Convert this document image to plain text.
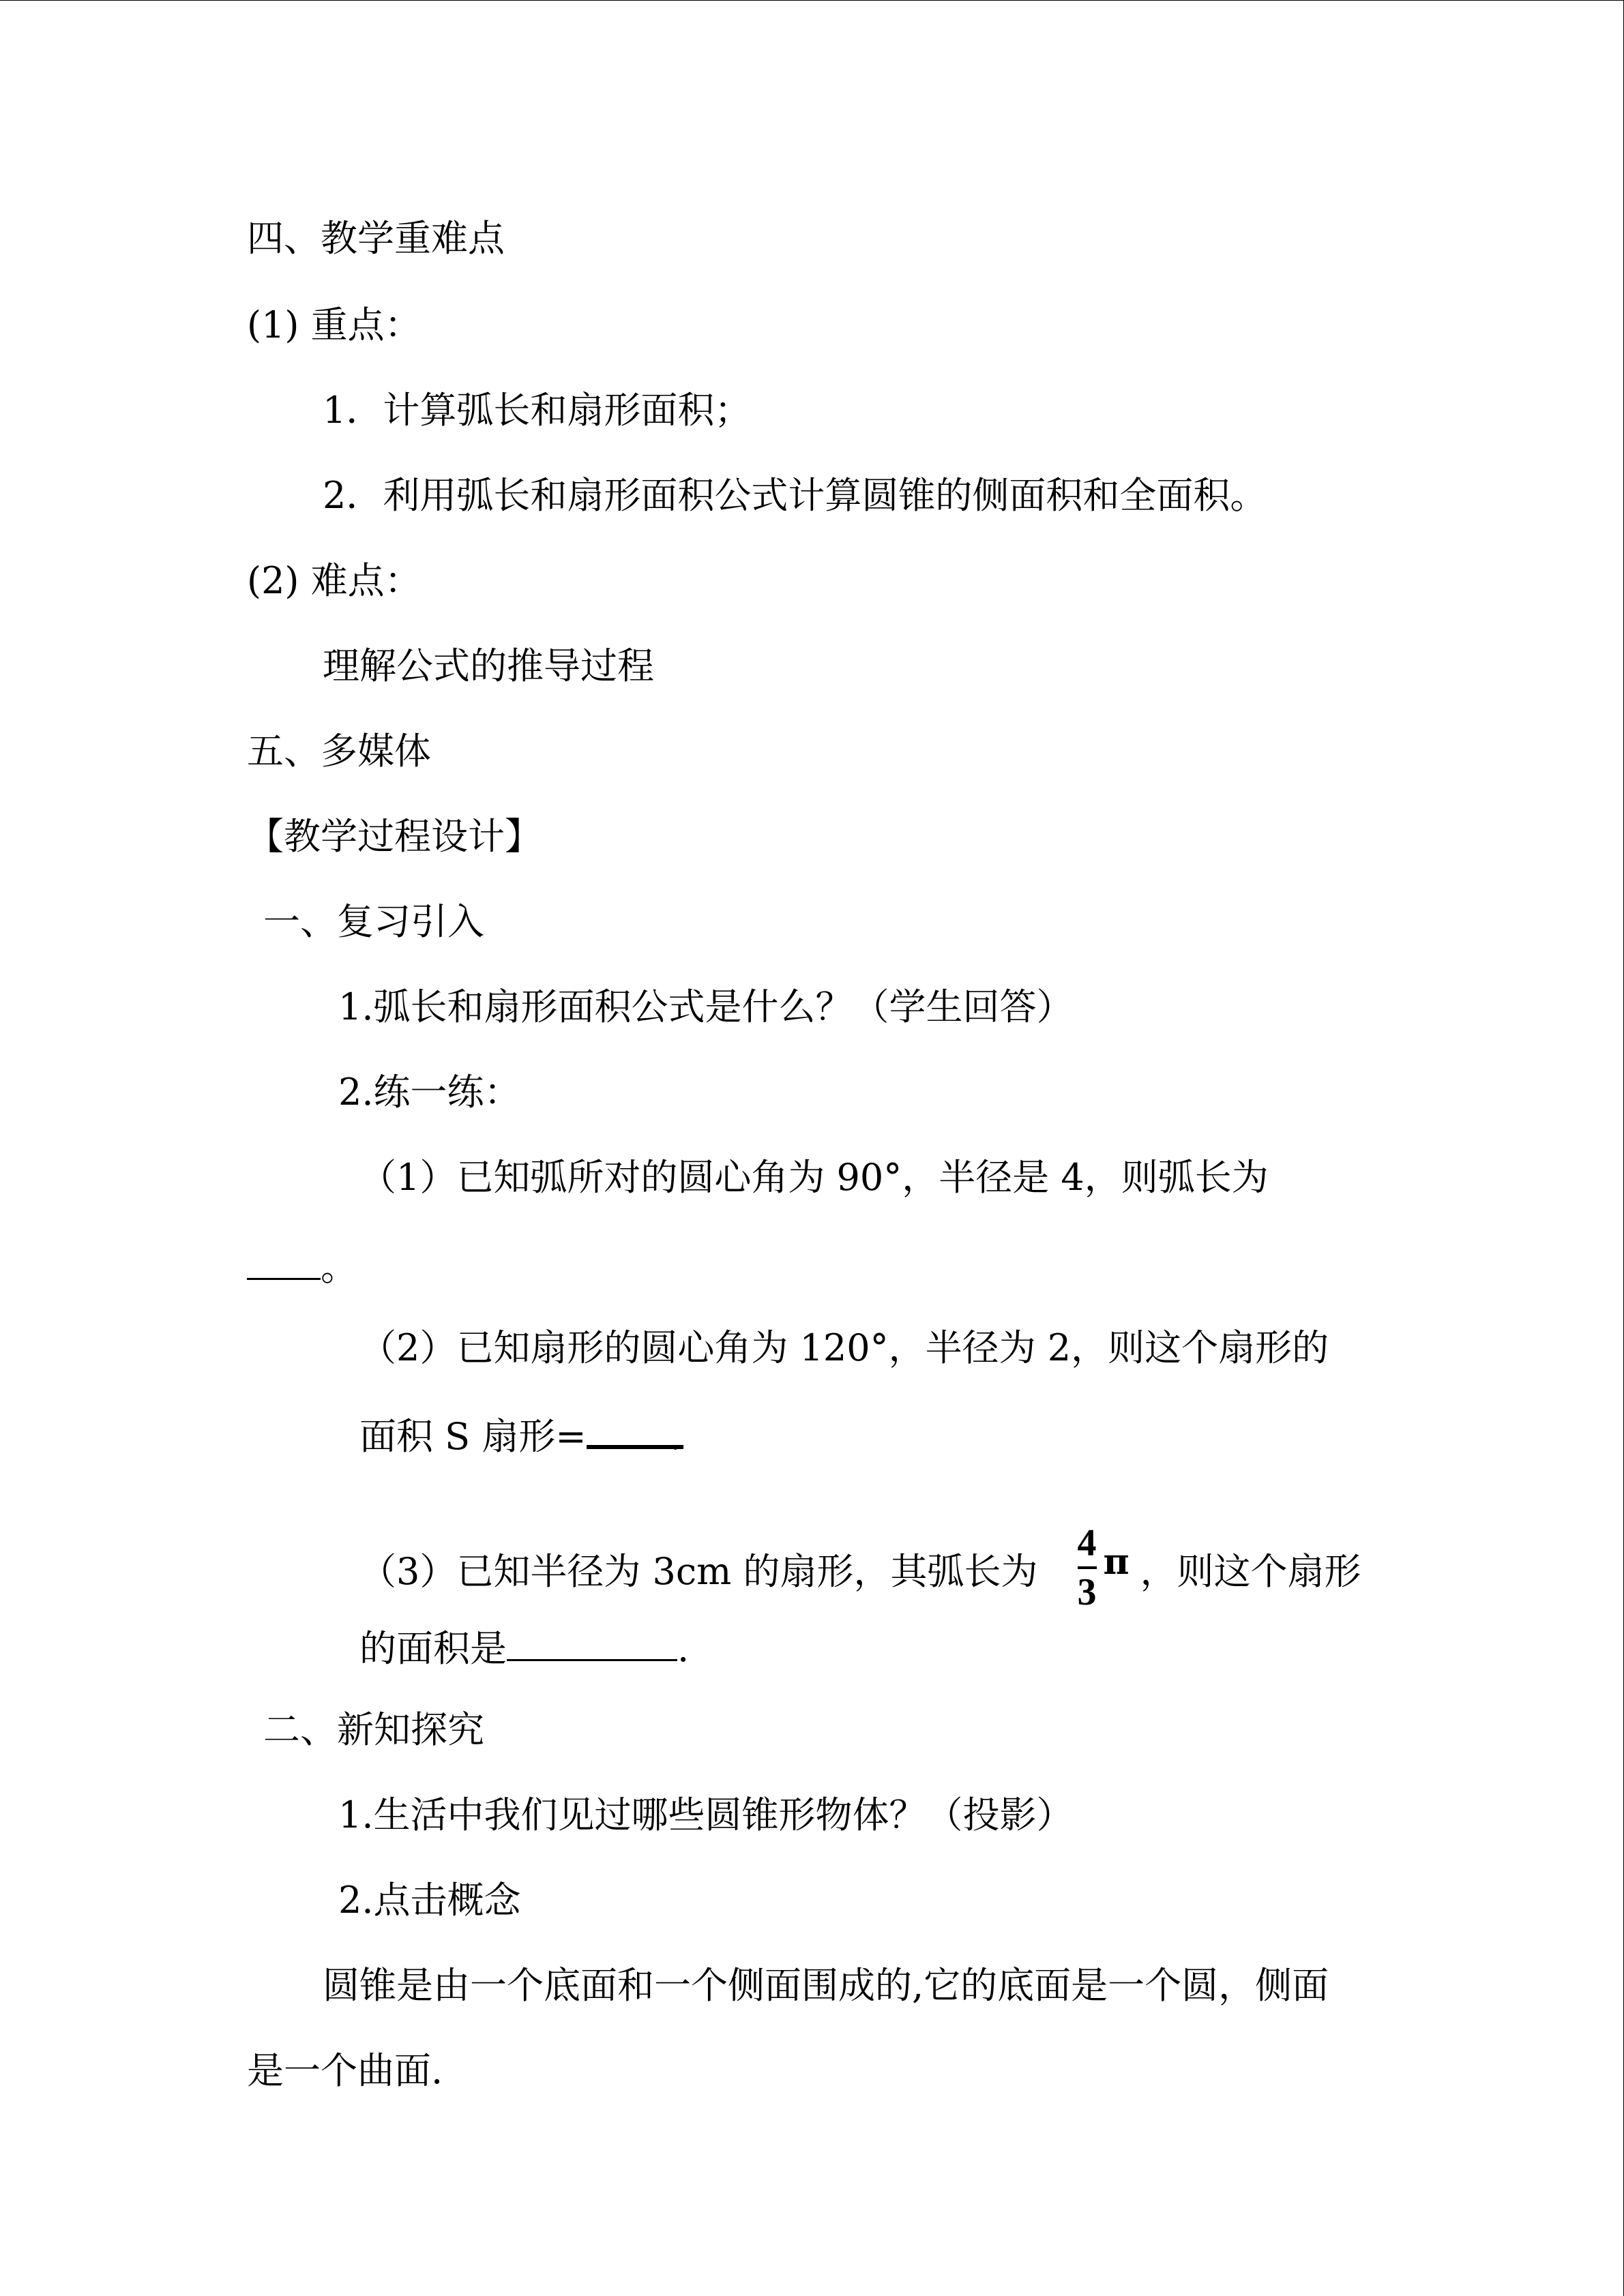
四、教学重难点
(1) 重点：
1．计算弧长和扇形面积；
2．利用弧长和扇形面积公式计算圆锥的侧面积和全面积。
(2) 难点：
理解公式的推导过程
五、多媒体
【教学过程设计】
一、复习引入
1.弧长和扇形面积公式是什么？（学生回答）
2.练一练：
（1）已知弧所对的圆心角为 90°，半径是 4，则弧长为
。
（2）已知扇形的圆心角为 120°，半径为 2，则这个扇形的
面积 S 扇形= .
（3）已知半径为 3cm 的扇形，其弧长为 $\frac{4}{3}$ π ，则这个扇形
的面积是	.
二、新知探究
1.生活中我们见过哪些圆锥形物体？（投影）
2.点击概念
圆锥是由一个底面和一个侧面围成的,它的底面是一个圆，侧面
是一个曲面.
